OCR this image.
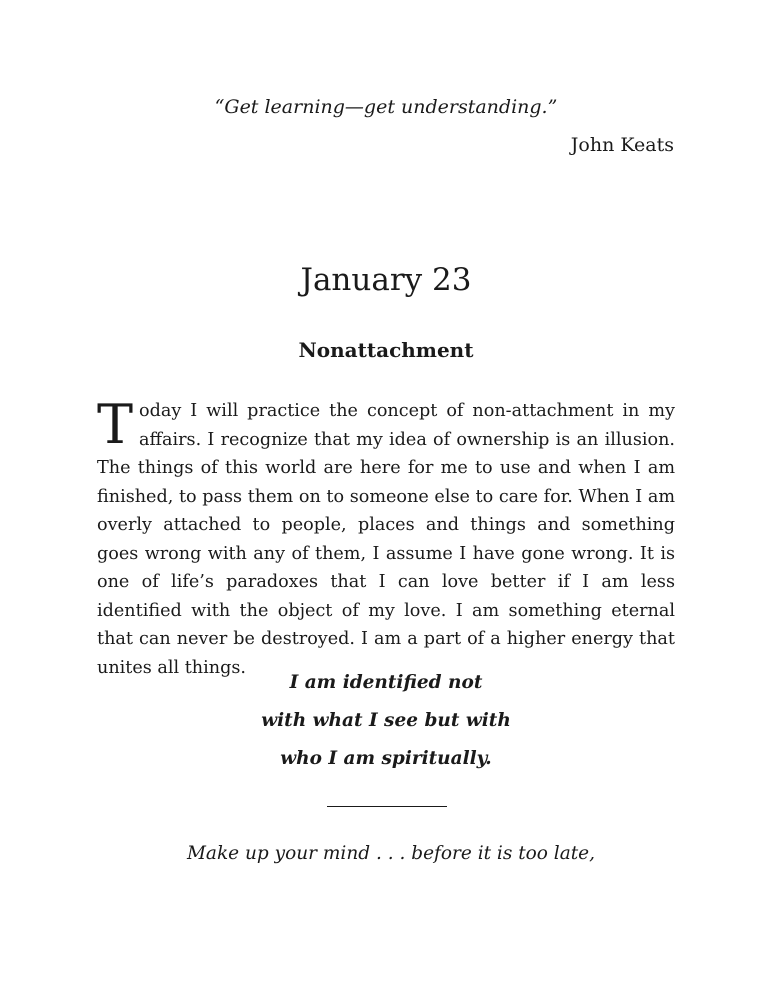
“Get learning—get understanding.”

John Keats

January 23
Nonattachment

Today I will practice the concept of non-attachment in my affairs. I recognize that my idea of ownership is an illusion. The things of this world are here for me to use and when I am finished, to pass them on to someone else to care for. When I am overly attached to people, places and things and something goes wrong with any of them, I assume I have gone wrong. It is one of life’s paradoxes that I can love better if I am less identified with the object of my love. I am something eternal that can never be destroyed. I am a part of a higher energy that unites all things.

I am identified not
with what I see but with
who I am spiritually.

Make up your mind . . . before it is too late,
